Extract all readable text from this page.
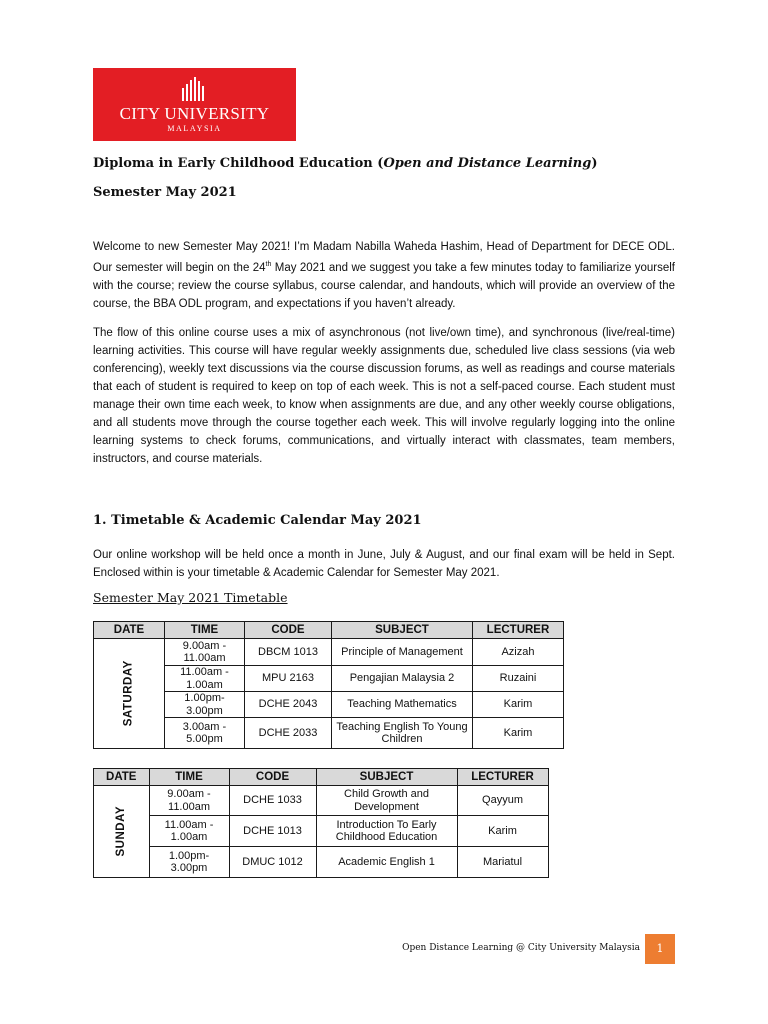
CITY UNIVERSITY
MALAYSIA
Diploma in Early Childhood Education (Open and Distance Learning)
Semester May 2021

Welcome to new Semester May 2021! I’m Madam Nabilla Waheda Hashim, Head of Department for DECE ODL. Our semester will begin on the 24th May 2021 and we suggest you take a few minutes today to familiarize yourself with the course; review the course syllabus, course calendar, and handouts, which will provide an overview of the course, the BBA ODL program, and expectations if you haven’t already.

The flow of this online course uses a mix of asynchronous (not live/own time), and synchronous (live/real-time) learning activities. This course will have regular weekly assignments due, scheduled live class sessions (via web conferencing), weekly text discussions via the course discussion forums, as well as readings and course materials that each of student is required to keep on top of each week. This is not a self-paced course. Each student must manage their own time each week, to know when assignments are due, and any other weekly course obligations, and all students move through the course together each week. This will involve regularly logging into the online learning systems to check forums, communications, and virtually interact with classmates, team members, instructors, and course materials.

1. Timetable & Academic Calendar May 2021

Our online workshop will be held once a month in June, July & August, and our final exam will be held in Sept. Enclosed within is your timetable & Academic Calendar for Semester May 2021.

Semester May 2021 Timetable

DATE	TIME	CODE	SUBJECT	LECTURER
SATURDAY	9.00am - 11.00am	DBCM 1013	Principle of Management	Azizah
	11.00am - 1.00am	MPU 2163	Pengajian Malaysia 2	Ruzaini
	1.00pm- 3.00pm	DCHE 2043	Teaching Mathematics	Karim
	3.00am - 5.00pm	DCHE 2033	Teaching English To Young Children	Karim
DATE	TIME	CODE	SUBJECT	LECTURER
SUNDAY	9.00am - 11.00am	DCHE 1033	Child Growth and Development	Qayyum
	11.00am - 1.00am	DCHE 1013	Introduction To Early Childhood Education	Karim
	1.00pm- 3.00pm	DMUC 1012	Academic English 1	Mariatul

Open Distance Learning @ City University Malaysia	1
